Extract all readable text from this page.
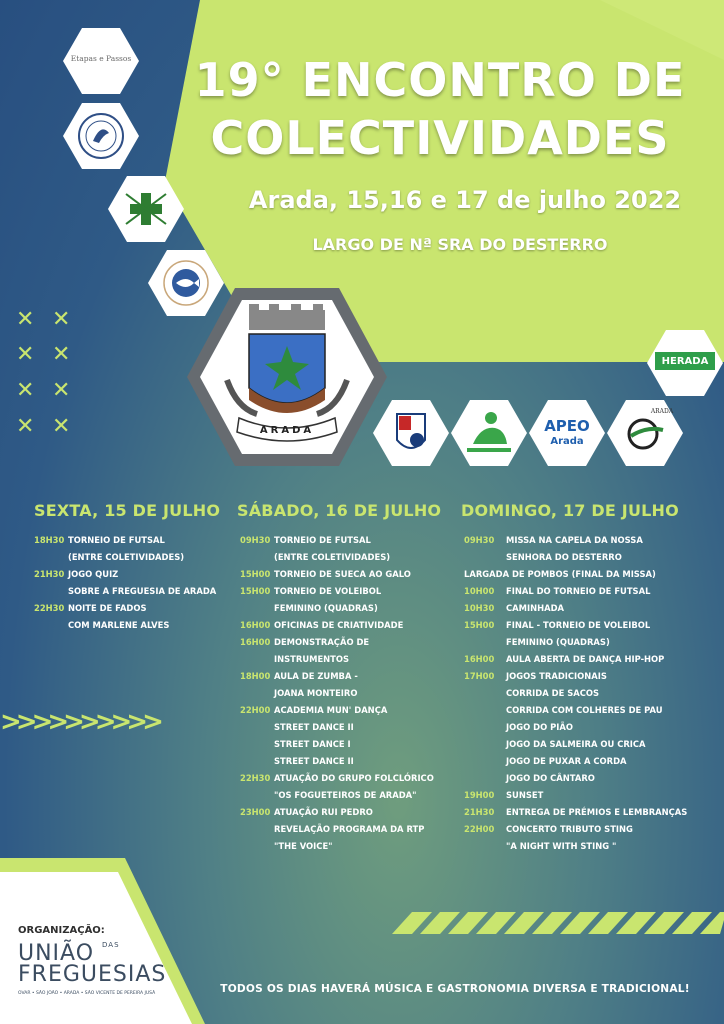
19° ENCONTRO DE
COLECTIVIDADES
Arada, 15,16 e 17 de julho 2022
LARGO DE Nª SRA DO DESTERRO
Etapas e Passos
ARADA
HERADA
APEO
Arada
ARADA
✕ ✕
✕ ✕
✕ ✕
✕ ✕
SEXTA, 15 DE JULHO SÁBADO, 16 DE JULHO DOMINGO, 17 DE JULHO
18H30 TORNEIO DE FUTSAL
(ENTRE COLETIVIDADES)
21H30 JOGO QUIZ
SOBRE A FREGUESIA DE ARADA
22H30 NOITE DE FADOS
COM MARLENE ALVES
09H30 TORNEIO DE FUTSAL
(ENTRE COLETIVIDADES)
15H00 TORNEIO DE SUECA AO GALO
15H00 TORNEIO DE VOLEIBOL
FEMININO (QUADRAS)
16H00 OFICINAS DE CRIATIVIDADE
16H00 DEMONSTRAÇÃO DE
INSTRUMENTOS
18H00 AULA DE ZUMBA -
JOANA MONTEIRO
22H00 ACADEMIA MUN' DANÇA
STREET DANCE II
STREET DANCE I
STREET DANCE II
22H30 ATUAÇÃO DO GRUPO FOLCLÓRICO
"OS FOGUETEIROS DE ARADA"
23H00 ATUAÇÃO RUI PEDRO
REVELAÇÃO PROGRAMA DA RTP
"THE VOICE"
09H30	MISSA NA CAPELA DA NOSSA
SENHORA DO DESTERRO
LARGADA DE POMBOS (FINAL DA MISSA)
10H00	FINAL DO TORNEIO DE FUTSAL
10H30	CAMINHADA
15H00	FINAL - TORNEIO DE VOLEIBOL
FEMININO (QUADRAS)
16H00	AULA ABERTA DE DANÇA HIP-HOP
17H00	JOGOS TRADICIONAIS
CORRIDA DE SACOS
CORRIDA COM COLHERES DE PAU
JOGO DO PIÃO
JOGO DA SALMEIRA OU CRICA
JOGO DE PUXAR A CORDA
JOGO DO CÂNTARO
19H00	SUNSET
21H30	ENTREGA DE PRÉMIOS E LEMBRANÇAS
22H00	CONCERTO TRIBUTO STING
"A NIGHT WITH STING "
>>>>>>>>>>
ORGANIZAÇÃO:
UNIÃO $^{DAS}$
FREGUESIAS
OVAR • SÃO JOÃO • ARADA • SÃO VICENTE DE PEREIRA JUSÃ	TODOS OS DIAS HAVERÁ MÚSICA E GASTRONOMIA DIVERSA E TRADICIONAL!
